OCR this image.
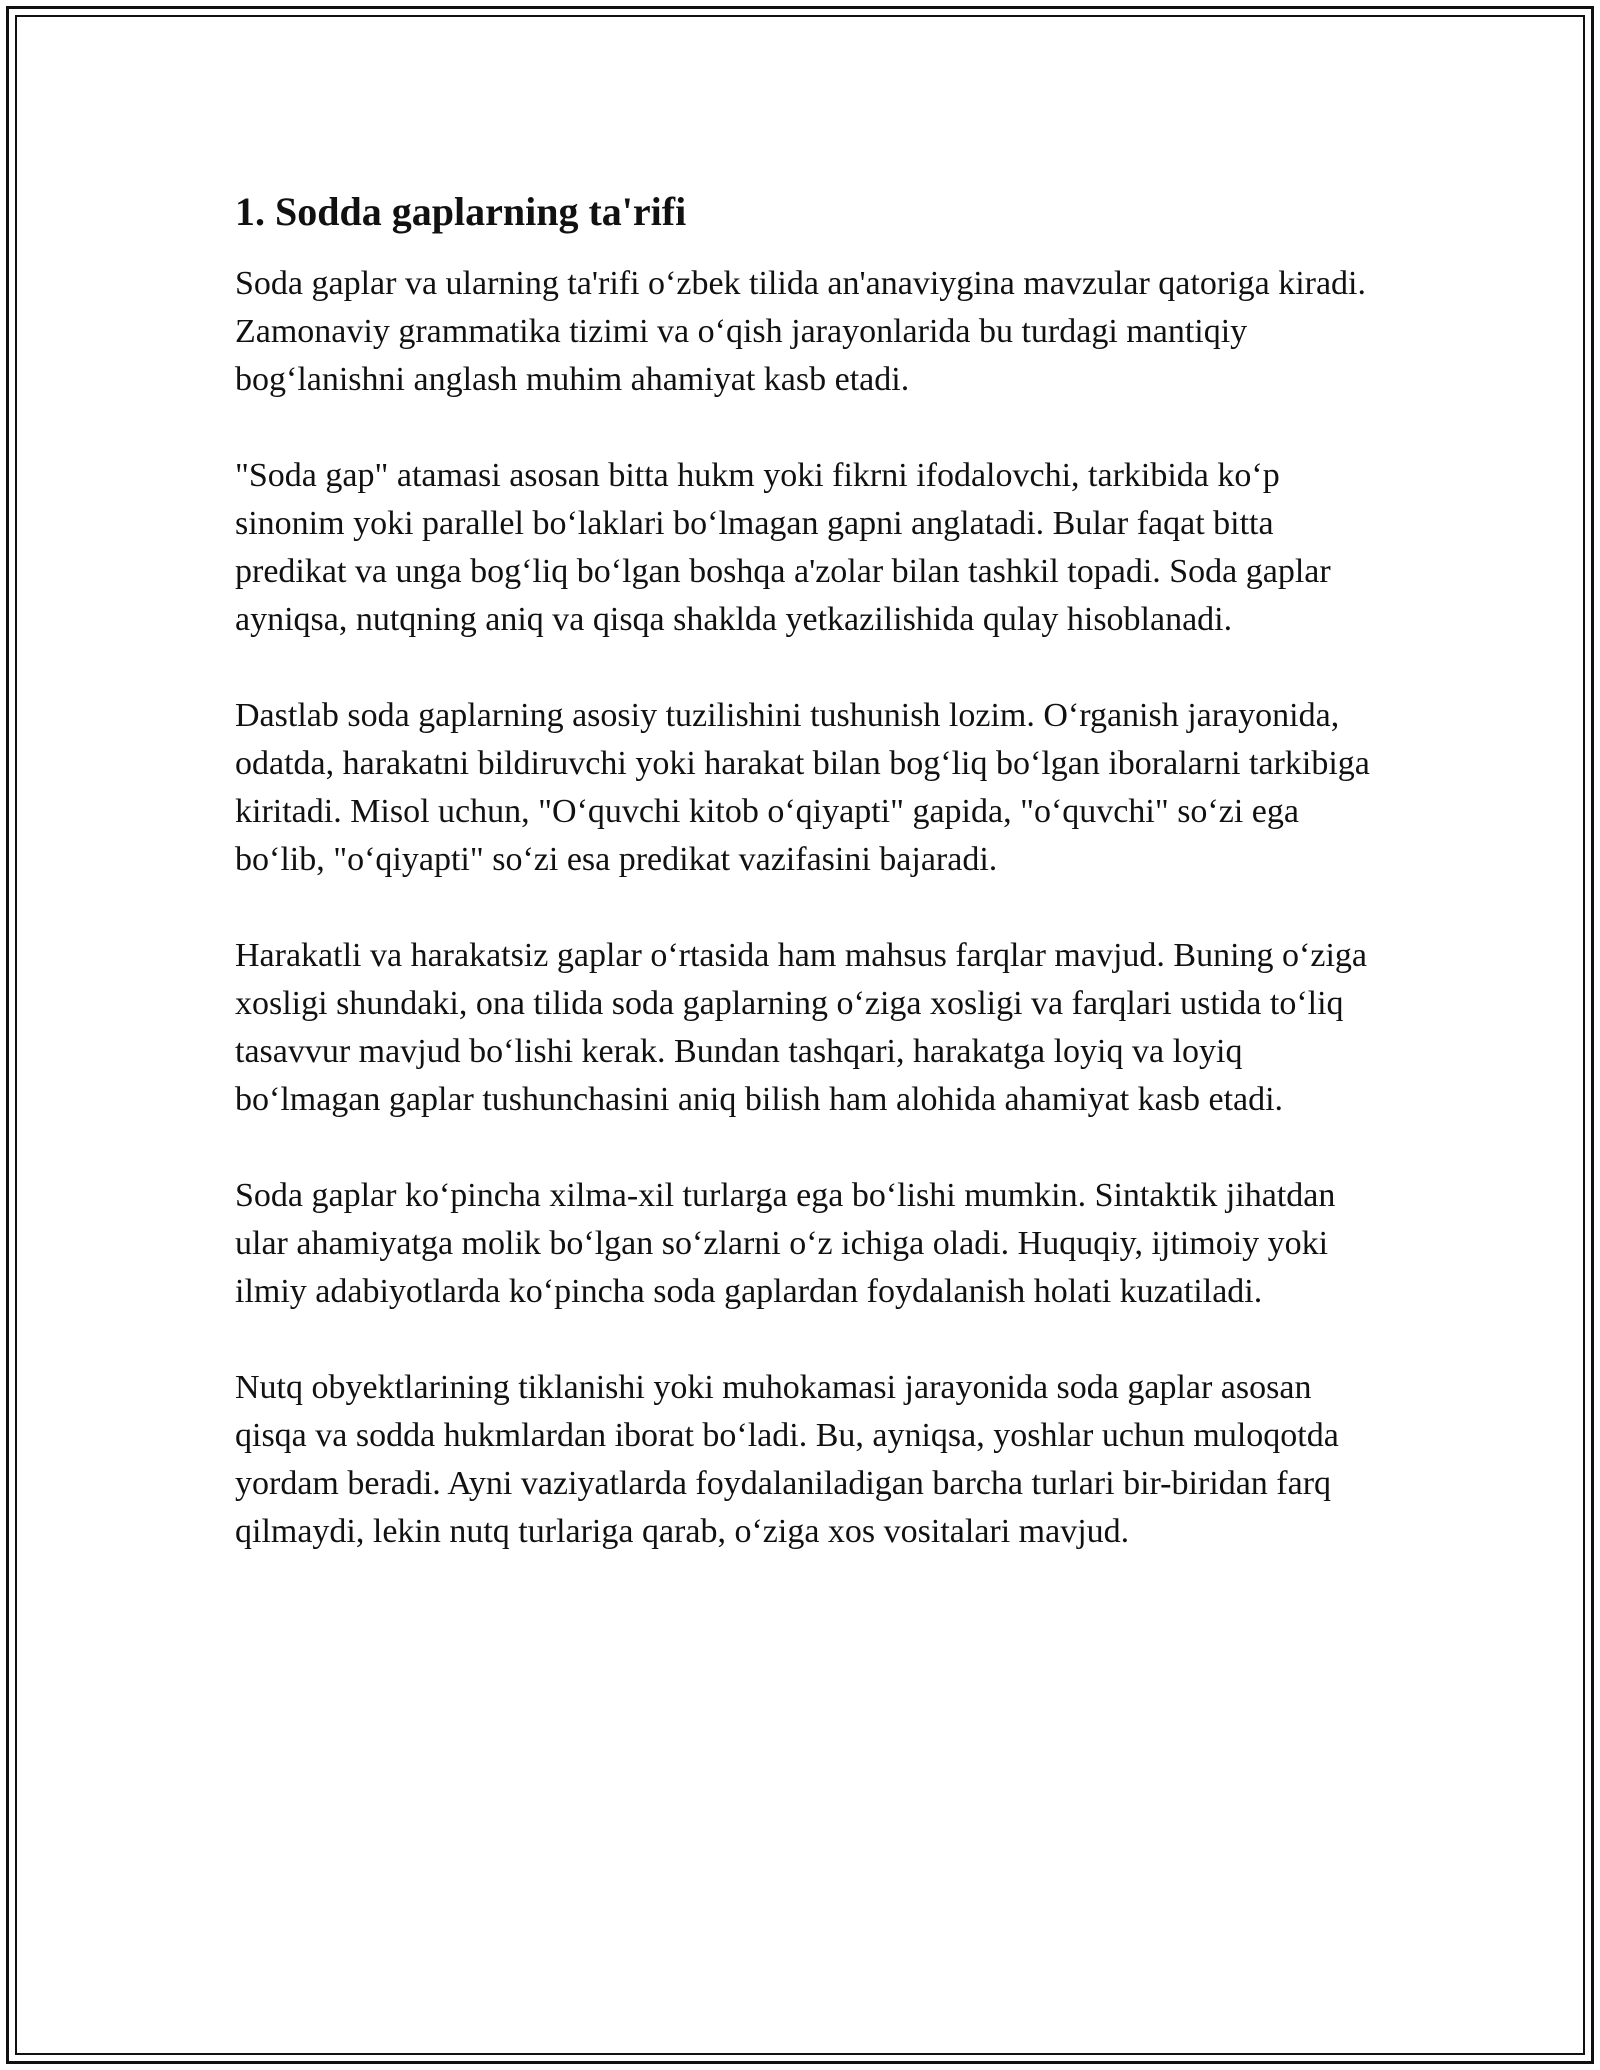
1. Sodda gaplarning ta'rifi

Soda gaplar va ularning ta'rifi o‘zbek tilida an'anaviygina mavzular qatoriga kiradi. Zamonaviy grammatika tizimi va o‘qish jarayonlarida bu turdagi mantiqiy bog‘lanishni anglash muhim ahamiyat kasb etadi.

"Soda gap" atamasi asosan bitta hukm yoki fikrni ifodalovchi, tarkibida ko‘p sinonim yoki parallel bo‘laklari bo‘lmagan gapni anglatadi. Bular faqat bitta predikat va unga bog‘liq bo‘lgan boshqa a'zolar bilan tashkil topadi. Soda gaplar ayniqsa, nutqning aniq va qisqa shaklda yetkazilishida qulay hisoblanadi.

Dastlab soda gaplarning asosiy tuzilishini tushunish lozim. O‘rganish jarayonida, odatda, harakatni bildiruvchi yoki harakat bilan bog‘liq bo‘lgan iboralarni tarkibiga kiritadi. Misol uchun, "O‘quvchi kitob o‘qiyapti" gapida, "o‘quvchi" so‘zi ega bo‘lib, "o‘qiyapti" so‘zi esa predikat vazifasini bajaradi.

Harakatli va harakatsiz gaplar o‘rtasida ham mahsus farqlar mavjud. Buning o‘ziga xosligi shundaki, ona tilida soda gaplarning o‘ziga xosligi va farqlari ustida to‘liq tasavvur mavjud bo‘lishi kerak. Bundan tashqari, harakatga loyiq va loyiq bo‘lmagan gaplar tushunchasini aniq bilish ham alohida ahamiyat kasb etadi.

Soda gaplar ko‘pincha xilma-xil turlarga ega bo‘lishi mumkin. Sintaktik jihatdan ular ahamiyatga molik bo‘lgan so‘zlarni o‘z ichiga oladi. Huquqiy, ijtimoiy yoki ilmiy adabiyotlarda ko‘pincha soda gaplardan foydalanish holati kuzatiladi.

Nutq obyektlarining tiklanishi yoki muhokamasi jarayonida soda gaplar asosan qisqa va sodda hukmlardan iborat bo‘ladi. Bu, ayniqsa, yoshlar uchun muloqotda yordam beradi. Ayni vaziyatlarda foydalaniladigan barcha turlari bir-biridan farq qilmaydi, lekin nutq turlariga qarab, o‘ziga xos vositalari mavjud.
